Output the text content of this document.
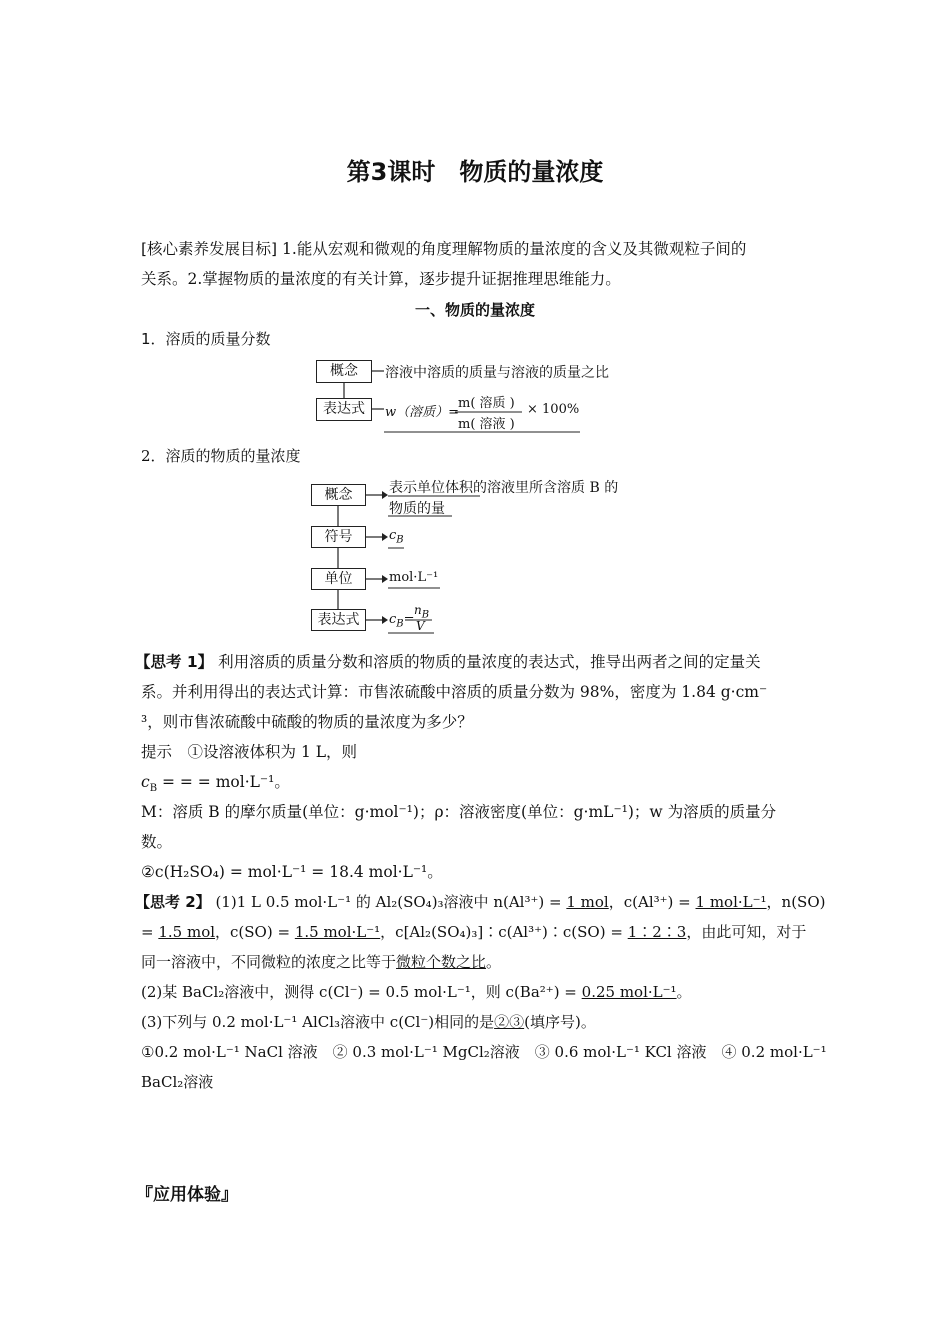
第3课时　物质的量浓度
[核心素养发展目标] 1.能从宏观和微观的角度理解物质的量浓度的含义及其微观粒子间的
关系。2.掌握物质的量浓度的有关计算，逐步提升证据推理思维能力。
一、物质的量浓度
1．溶质的质量分数
概念	溶液中溶质的质量与溶液的质量之比
表达式	w（溶质）=
m( 溶质 )
m( 溶液 )
× 100%
2．溶质的物质的量浓度
概念	表示单位体积的溶液里所含溶质 B 的
物质的量
符号	$c_B$
单位	mol·L⁻¹
表达式	$c_B=$
$n_B$
V
【思考 1】 利用溶质的质量分数和溶质的物质的量浓度的表达式，推导出两者之间的定量关
系。并利用得出的表达式计算：市售浓硫酸中溶质的质量分数为 98%，密度为 1.84 g·cm⁻
³，则市售浓硫酸中硫酸的物质的量浓度为多少？
提示　 ①设溶液体积为 1 L，则
$c_B$ = = = mol·L⁻¹。
M：溶质 B 的摩尔质量(单位：g·mol⁻¹)；ρ：溶液密度(单位：g·mL⁻¹)；w 为溶质的质量分
数。
②c(H₂SO₄) = mol·L⁻¹ = 18.4 mol·L⁻¹。
【思考 2】 (1)1 L 0.5 mol·L⁻¹ 的 Al₂(SO₄)₃溶液中 n(Al³⁺) = 1 mol，c(Al³⁺) = 1 mol·L⁻¹，n(SO)
= 1.5 mol，c(SO) = 1.5 mol·L⁻¹，c[Al₂(SO₄)₃]∶c(Al³⁺)∶c(SO) = 1∶2∶3，由此可知，对于
同一溶液中，不同微粒的浓度之比等于微粒个数之比。
(2)某 BaCl₂溶液中，测得 c(Cl⁻) = 0.5 mol·L⁻¹，则 c(Ba²⁺) = 0.25 mol·L⁻¹。
(3)下列与 0.2 mol·L⁻¹ AlCl₃溶液中 c(Cl⁻)相同的是②③(填序号)。
①0.2 mol·L⁻¹ NaCl 溶液　② 0.3 mol·L⁻¹ MgCl₂溶液　③ 0.6 mol·L⁻¹ KCl 溶液　④ 0.2 mol·L⁻¹
BaCl₂溶液
『应用体验』
